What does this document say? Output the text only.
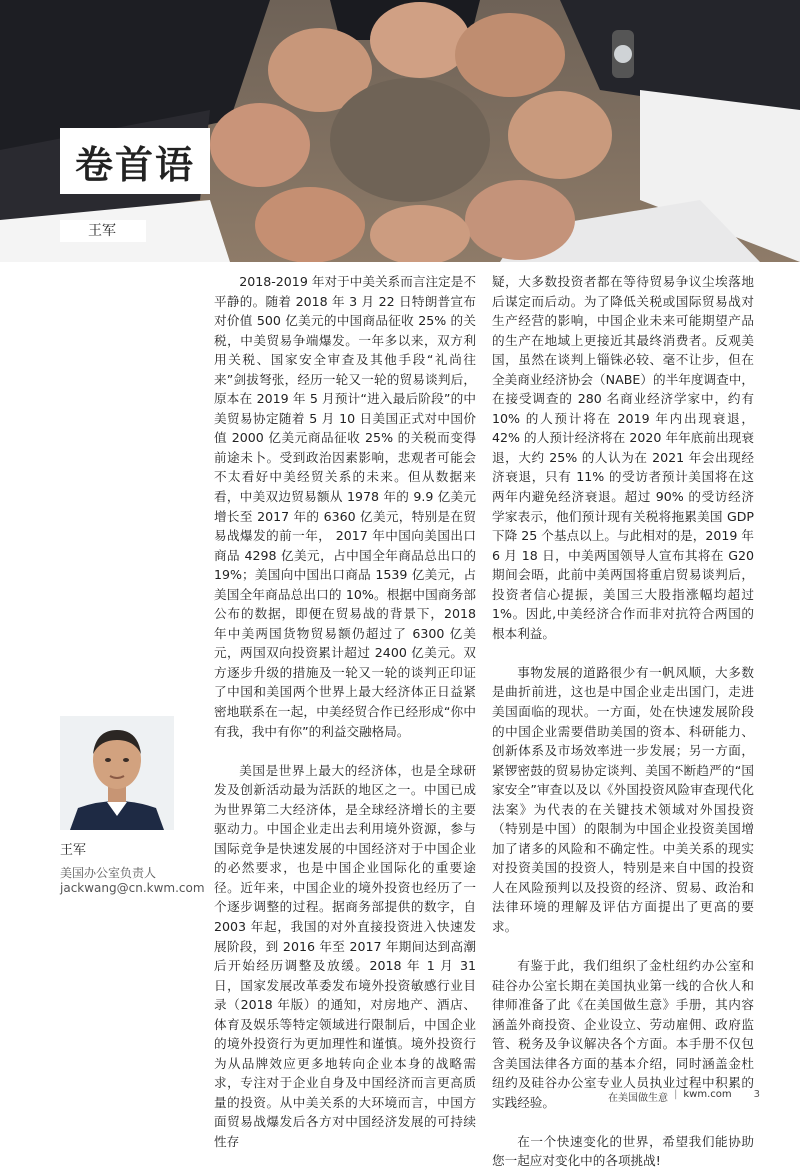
卷首语
王军

2018-2019 年对于中美关系而言注定是不平静的。随着 2018 年 3 月 22 日特朗普宣布对价值 500 亿美元的中国商品征收 25% 的关税，中美贸易争端爆发。一年多以来，双方利用关税、国家安全审查及其他手段“礼尚往来”剑拔弩张，经历一轮又一轮的贸易谈判后，原本在 2019 年 5 月预计“进入最后阶段”的中美贸易协定随着 5 月 10 日美国正式对中国价值 2000 亿美元商品征收 25% 的关税而变得前途未卜。受到政治因素影响，悲观者可能会不太看好中美经贸关系的未来。但从数据来看，中美双边贸易额从 1978 年的 9.9 亿美元增长至 2017 年的 6360 亿美元，特别是在贸易战爆发的前一年， 2017 年中国向美国出口商品 4298 亿美元，占中国全年商品总出口的 19%；美国向中国出口商品 1539 亿美元，占美国全年商品总出口的 10%。根据中国商务部公布的数据，即便在贸易战的背景下，2018 年中美两国货物贸易额仍超过了 6300 亿美元，两国双向投资累计超过 2400 亿美元。双方逐步升级的措施及一轮又一轮的谈判正印证了中国和美国两个世界上最大经济体正日益紧密地联系在一起，中美经贸合作已经形成“你中有我，我中有你”的利益交融格局。

美国是世界上最大的经济体，也是全球研发及创新活动最为活跃的地区之一。中国已成为世界第二大经济体，是全球经济增长的主要驱动力。中国企业走出去利用境外资源，参与国际竞争是快速发展的中国经济对于中国企业的必然要求，也是中国企业国际化的重要途径。近年来，中国企业的境外投资也经历了一个逐步调整的过程。据商务部提供的数字，自 2003 年起，我国的对外直接投资进入快速发展阶段，到 2016 年至 2017 年期间达到高潮后开始经历调整及放缓。2018 年 1 月 31 日，国家发展改革委发布境外投资敏感行业目录（2018 年版）的通知，对房地产、酒店、体育及娱乐等特定领域进行限制后，中国企业的境外投资行为更加理性和谨慎。境外投资行为从品牌效应更多地转向企业本身的战略需求，专注对于企业自身及中国经济而言更高质量的投资。从中美关系的大环境而言，中国方面贸易战爆发后各方对中国经济发展的可持续性存

疑，大多数投资者都在等待贸易争议尘埃落地后谋定而后动。为了降低关税或国际贸易战对生产经营的影响，中国企业未来可能期望产品的生产在地域上更接近其最终消费者。反观美国，虽然在谈判上锱铢必较、毫不让步，但在全美商业经济协会（NABE）的半年度调查中，在接受调查的 280 名商业经济学家中，约有 10% 的人预计将在 2019 年内出现衰退，42% 的人预计经济将在 2020 年年底前出现衰退，大约 25% 的人认为在 2021 年会出现经济衰退，只有 11% 的受访者预计美国将在这两年内避免经济衰退。超过 90% 的受访经济学家表示，他们预计现有关税将拖累美国 GDP 下降 25 个基点以上。与此相对的是，2019 年 6 月 18 日，中美两国领导人宣布其将在 G20 期间会晤，此前中美两国将重启贸易谈判后，投资者信心提振，美国三大股指涨幅均超过 1%。因此,中美经济合作而非对抗符合两国的根本利益。

事物发展的道路很少有一帆风顺，大多数是曲折前进，这也是中国企业走出国门，走进美国面临的现状。一方面，处在快速发展阶段的中国企业需要借助美国的资本、科研能力、创新体系及市场效率进一步发展；另一方面，紧锣密鼓的贸易协定谈判、美国不断趋严的“国家安全”审查以及以《外国投资风险审查现代化法案》为代表的在关键技术领域对外国投资（特别是中国）的限制为中国企业投资美国增加了诸多的风险和不确定性。中美关系的现实对投资美国的投资人，特别是来自中国的投资人在风险预判以及投资的经济、贸易、政治和法律环境的理解及评估方面提出了更高的要求。

有鉴于此，我们组织了金杜纽约办公室和硅谷办公室长期在美国执业第一线的合伙人和律师准备了此《在美国做生意》手册，其内容涵盖外商投资、企业设立、劳动雇佣、政府监管、税务及争议解决各个方面。本手册不仅包含美国法律各方面的基本介绍，同时涵盖金杜纽约及硅谷办公室专业人员执业过程中积累的实践经验。

在一个快速变化的世界，希望我们能协助您一起应对变化中的各项挑战!

王军
美国办公室负责人
jackwang@cn.kwm.com
在美国做生意 | kwm.com 3
